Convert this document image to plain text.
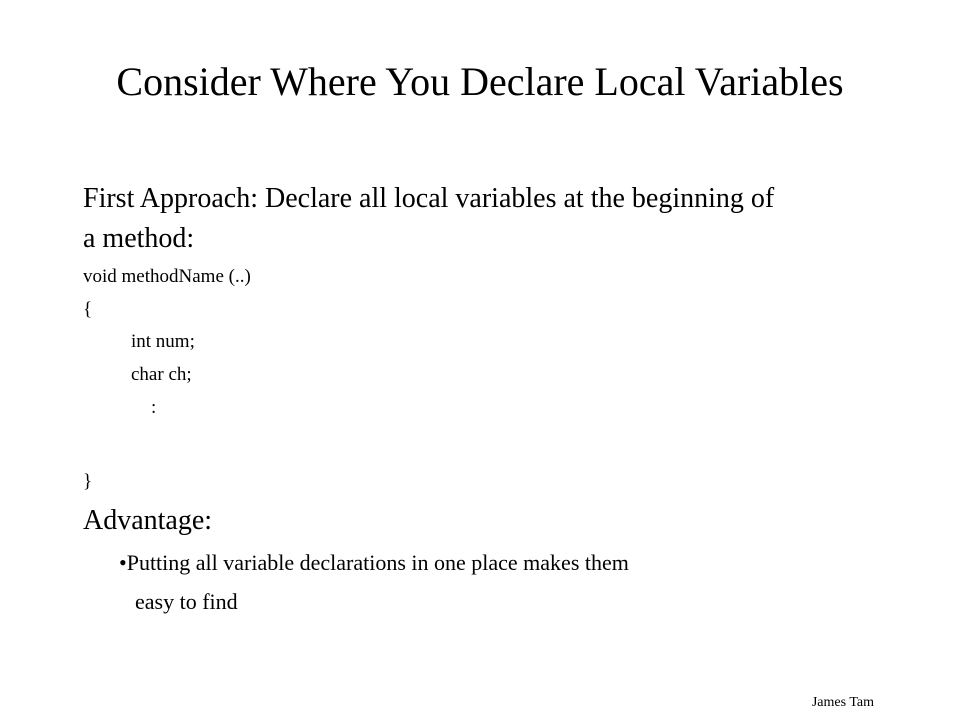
Consider Where You Declare Local Variables
First Approach: Declare all local variables at the beginning of
a method:
void methodName (..)
{
int num;
char ch;
:
}
Advantage:
•Putting all variable declarations in one place makes them
easy to find
James Tam
